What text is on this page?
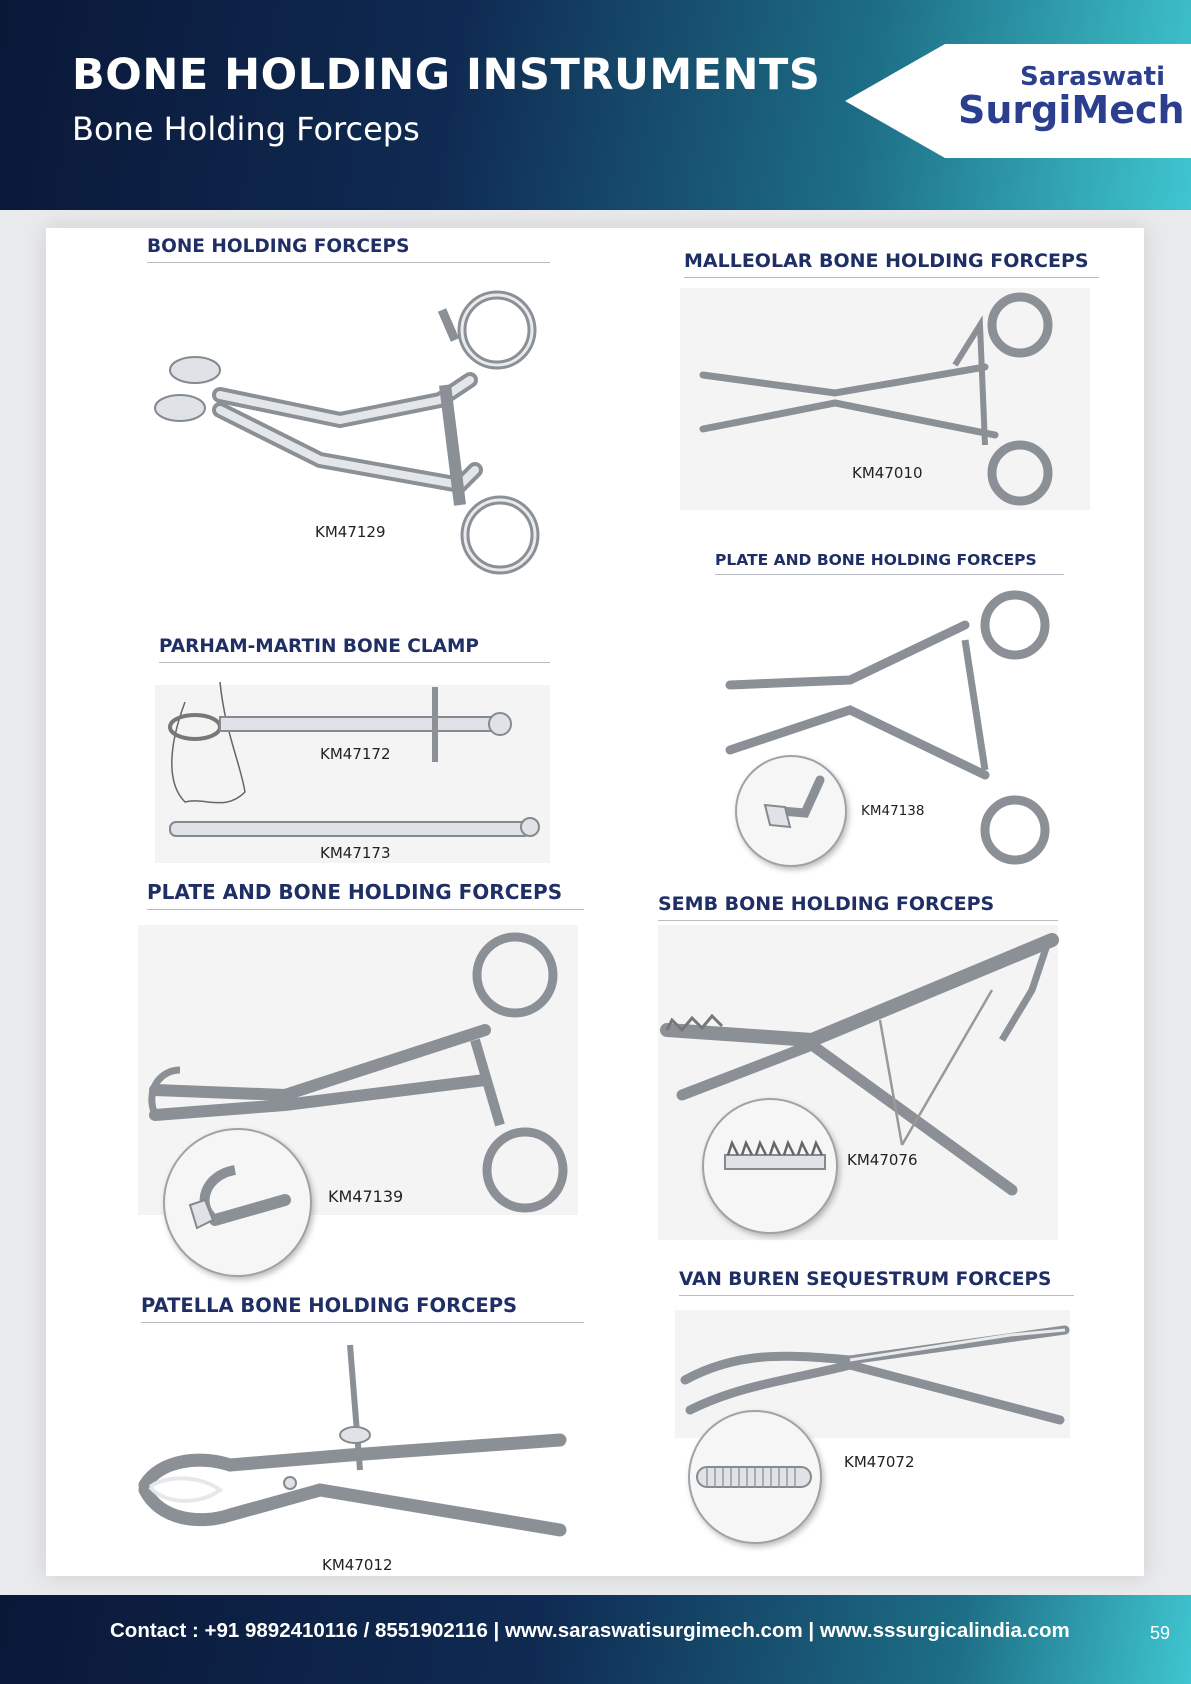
BONE HOLDING INSTRUMENTS
Bone Holding Forceps
Saraswati
SurgiMech
BONE HOLDING FORCEPS
KM47129
MALLEOLAR BONE HOLDING FORCEPS
KM47010
PLATE AND BONE HOLDING FORCEPS
KM47138
PARHAM-MARTIN BONE CLAMP
KM47172
KM47173
PLATE AND BONE HOLDING FORCEPS
KM47139
SEMB BONE HOLDING FORCEPS
KM47076
VAN BUREN SEQUESTRUM FORCEPS
KM47072
PATELLA BONE HOLDING FORCEPS
KM47012
Contact : +91 9892410116 / 8551902116 | www.saraswatisurgimech.com | www.sssurgicalindia.com	59
